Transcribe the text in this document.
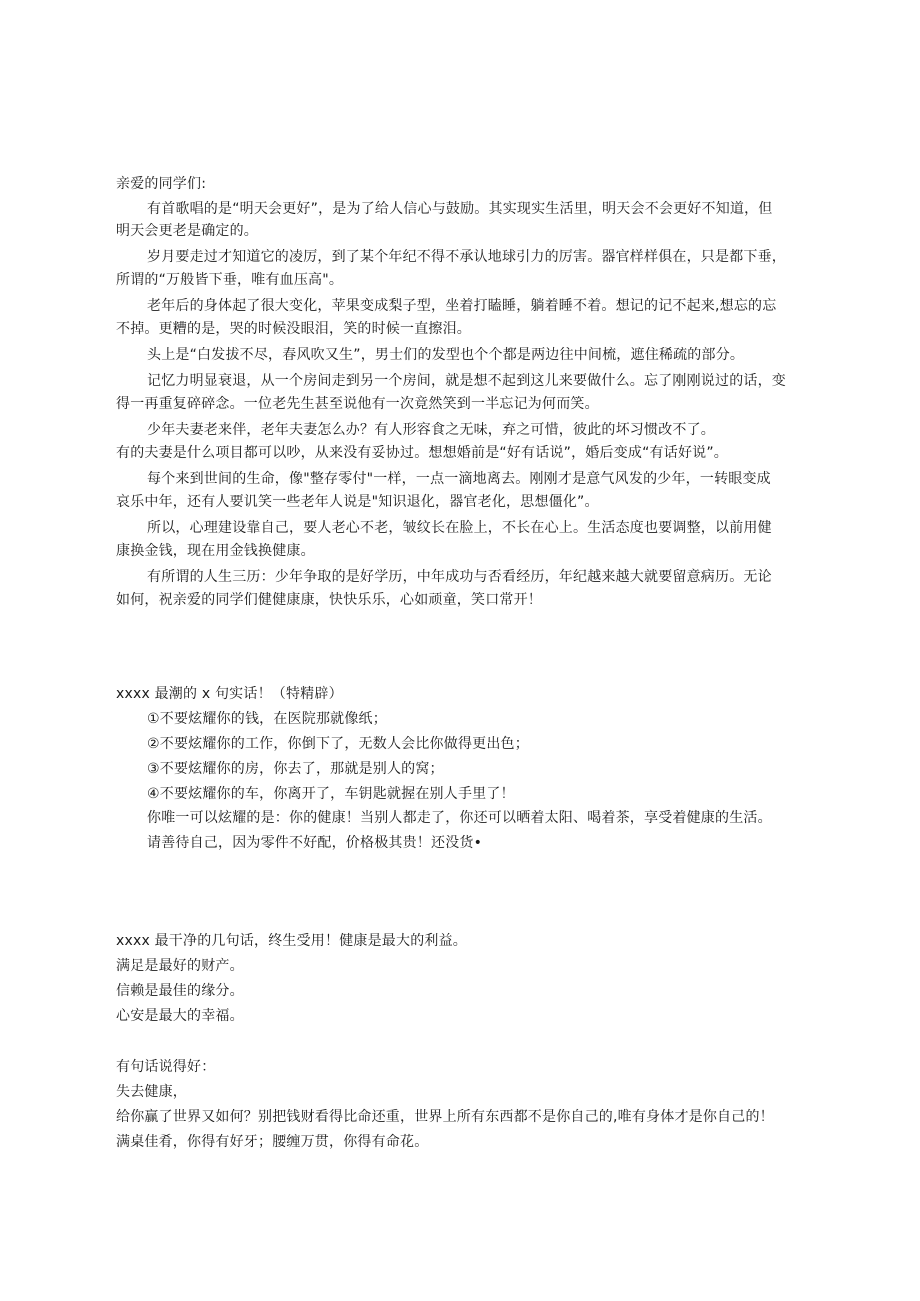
亲爱的同学们:
有首歌唱的是“明天会更好”，是为了给人信心与鼓励。其实现实生活里，明天会不会更好不知道，但
明天会更老是确定的。
岁月要走过才知道它的凌厉，到了某个年纪不得不承认地球引力的厉害。器官样样俱在，只是都下垂，
所谓的“万般皆下垂，唯有血压高"。
老年后的身体起了很大变化，苹果变成梨子型，坐着打瞌睡，躺着睡不着。想记的记不起来,想忘的忘
不掉。更糟的是，哭的时候没眼泪，笑的时候一直擦泪。
头上是“白发拔不尽，春风吹又生”，男士们的发型也个个都是两边往中间梳，遮住稀疏的部分。
记忆力明显衰退，从一个房间走到另一个房间，就是想不起到这儿来要做什么。忘了刚刚说过的话，变
得一再重复碎碎念。一位老先生甚至说他有一次竟然笑到一半忘记为何而笑。
少年夫妻老来伴，老年夫妻怎么办？有人形容食之无味，弃之可惜，彼此的坏习惯改不了。
有的夫妻是什么项目都可以吵，从来没有妥协过。想想婚前是“好有话说”，婚后变成“有话好说”。
每个来到世间的生命，像"整存零付"一样，一点一滴地离去。刚刚才是意气风发的少年，一转眼变成
哀乐中年，还有人要讥笑一些老年人说是"知识退化，器官老化，思想僵化”。
所以，心理建设靠自己，要人老心不老，皱纹长在脸上，不长在心上。生活态度也要调整，以前用健
康换金钱，现在用金钱换健康。
有所谓的人生三历：少年争取的是好学历，中年成功与否看经历，年纪越来越大就要留意病历。无论
如何，祝亲爱的同学们健健康康，快快乐乐，心如顽童，笑口常开！
xxxx 最潮的 x 句实话！（特精辟）
①不要炫耀你的钱，在医院那就像纸；
②不要炫耀你的工作，你倒下了，无数人会比你做得更出色；
③不要炫耀你的房，你去了，那就是别人的窝；
④不要炫耀你的车，你离开了，车钥匙就握在别人手里了！
你唯一可以炫耀的是：你的健康！当别人都走了，你还可以晒着太阳、喝着茶，享受着健康的生活。
请善待自己，因为零件不好配，价格极其贵！还没货•
xxxx 最干净的几句话，终生受用！健康是最大的利益。
满足是最好的财产。
信赖是最佳的缘分。
心安是最大的幸福。
有句话说得好：
失去健康，
给你赢了世界又如何？别把钱财看得比命还重，世界上所有东西都不是你自己的,唯有身体才是你自己的！
满桌佳肴，你得有好牙；腰缠万贯，你得有命花。
